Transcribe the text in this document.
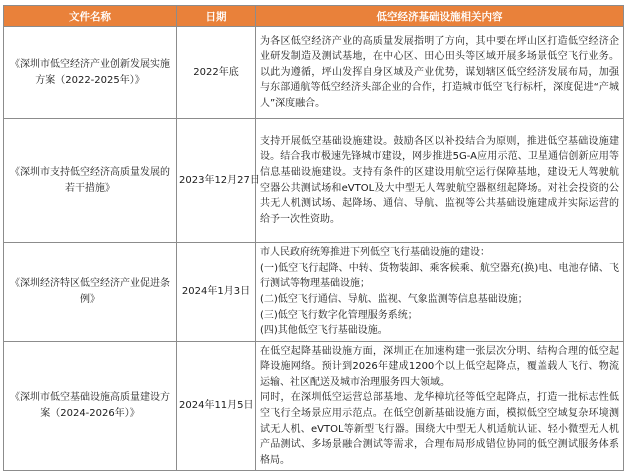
文件名称	日期	低空经济基础设施相关内容
《深圳市低空经济产业创新发展实施方案（2022-2025年）》	2022年底	为各区低空经济产业的高质量发展指明了方向，其中要在坪山区打造低空经济企业研发制造及测试基地，在中心区、田心田头等区域开展多场景低空飞行业务。以此为遵循，坪山发挥自身区域及产业优势，谋划辖区低空经济发展布局，加强与东部通航等低空经济头部企业的合作，打造城市低空飞行标杆，深度促进“产城人”深度融合。
《深圳市支持低空经济高质量发展的若干措施》	2023年12月27日	支持开展低空基础设施建设。鼓励各区以补投结合为原则，推进低空基础设施建设。结合我市极速先锋城市建设，网步推进5G-A应用示范、卫星通信创新应用等信息基础设施建设。支持有条件的区建设用航空运行保障基地，建设无人驾驶航空器公共测试场和eVTOL及大中型无人驾驶航空器枢纽起降场。对社会投资的公共无人机测试场、起降场、通信、导航、监视等公共基础设施建成并实际运营的给予一次性资助。
《深圳经济特区低空经济产业促进条例》	2024年1月3日	市人民政府统筹推进下列低空飞行基础设施的建设：
(一)低空飞行起降、中转、货物装卸、乘客候乘、航空器充(换)电、电池存储、飞行测试等物理基础设施；
(二)低空飞行通信、导航、监视、气象监测等信息基础设施；
(三)低空飞行数字化管理服务系统；
(四)其他低空飞行基础设施。

《深圳市低空基础设施高质量建设方案（2024-2026年）》	2024年11月5日	在低空起降基础设施方面，深圳正在加速构建一张层次分明、结构合理的低空起降设施网络。预计到2026年建成1200个以上低空起降点，覆盖载人飞行、物流运输、社区配送及城市治理服务四大领域。
同时，在深圳低空运营总部基地、龙华樟坑径等低空起降点，打造一批标志性低空飞行全场景应用示范点。在低空创新基础设施方面，模拟低空空域复杂环境测试无人机、eVTOL等新型飞行器。围绕大中型无人机适航认证、轻小微型无人机产品测试、多场景融合测试等需求，合理布局形成错位协同的低空测试服务体系格局。
